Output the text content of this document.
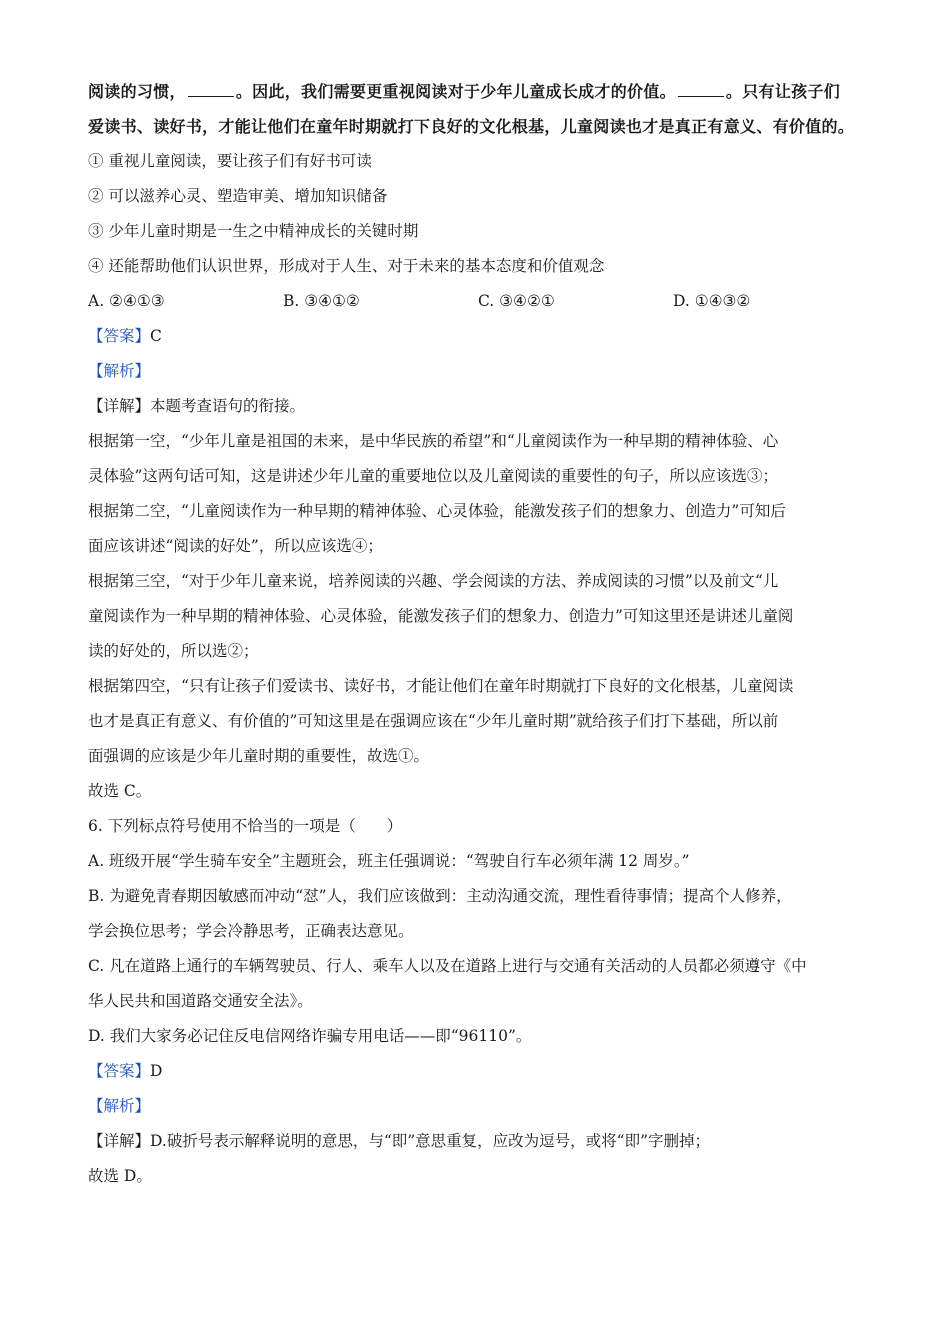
阅读的习惯，	。因此，我们需要更重视阅读对于少年儿童成长成才的价值。	。只有让孩子们
爱读书、读好书，才能让他们在童年时期就打下良好的文化根基，儿童阅读也才是真正有意义、有价值的。
① 重视儿童阅读，要让孩子们有好书可读
② 可以滋养心灵、塑造审美、增加知识储备
③ 少年儿童时期是一生之中精神成长的关键时期
④ 还能帮助他们认识世界，形成对于人生、对于未来的基本态度和价值观念
A. ②④①③	B. ③④①②	C. ③④②①	D. ①④③②
【答案】C
【解析】
【详解】本题考查语句的衔接。
根据第一空，“少年儿童是祖国的未来，是中华民族的希望”和“儿童阅读作为一种早期的精神体验、心
灵体验”这两句话可知，这是讲述少年儿童的重要地位以及儿童阅读的重要性的句子，所以应该选③；
根据第二空，“儿童阅读作为一种早期的精神体验、心灵体验，能激发孩子们的想象力、创造力”可知后
面应该讲述“阅读的好处”，所以应该选④；
根据第三空，“对于少年儿童来说，培养阅读的兴趣、学会阅读的方法、养成阅读的习惯”以及前文“儿
童阅读作为一种早期的精神体验、心灵体验，能激发孩子们的想象力、创造力”可知这里还是讲述儿童阅
读的好处的，所以选②；
根据第四空，“只有让孩子们爱读书、读好书，才能让他们在童年时期就打下良好的文化根基，儿童阅读
也才是真正有意义、有价值的”可知这里是在强调应该在“少年儿童时期”就给孩子们打下基础，所以前
面强调的应该是少年儿童时期的重要性，故选①。
故选 C。
6. 下列标点符号使用不恰当的一项是（　　）
A. 班级开展“学生骑车安全”主题班会，班主任强调说：“驾驶自行车必须年满 12 周岁。”
B. 为避免青春期因敏感而冲动“怼”人，我们应该做到：主动沟通交流，理性看待事情；提高个人修养，
学会换位思考；学会冷静思考，正确表达意见。
C. 凡在道路上通行的车辆驾驶员、行人、乘车人以及在道路上进行与交通有关活动的人员都必须遵守《中
华人民共和国道路交通安全法》。
D. 我们大家务必记住反电信网络诈骗专用电话——即“96110”。
【答案】D
【解析】
【详解】D.破折号表示解释说明的意思，与“即”意思重复，应改为逗号，或将“即”字删掉；
故选 D。
